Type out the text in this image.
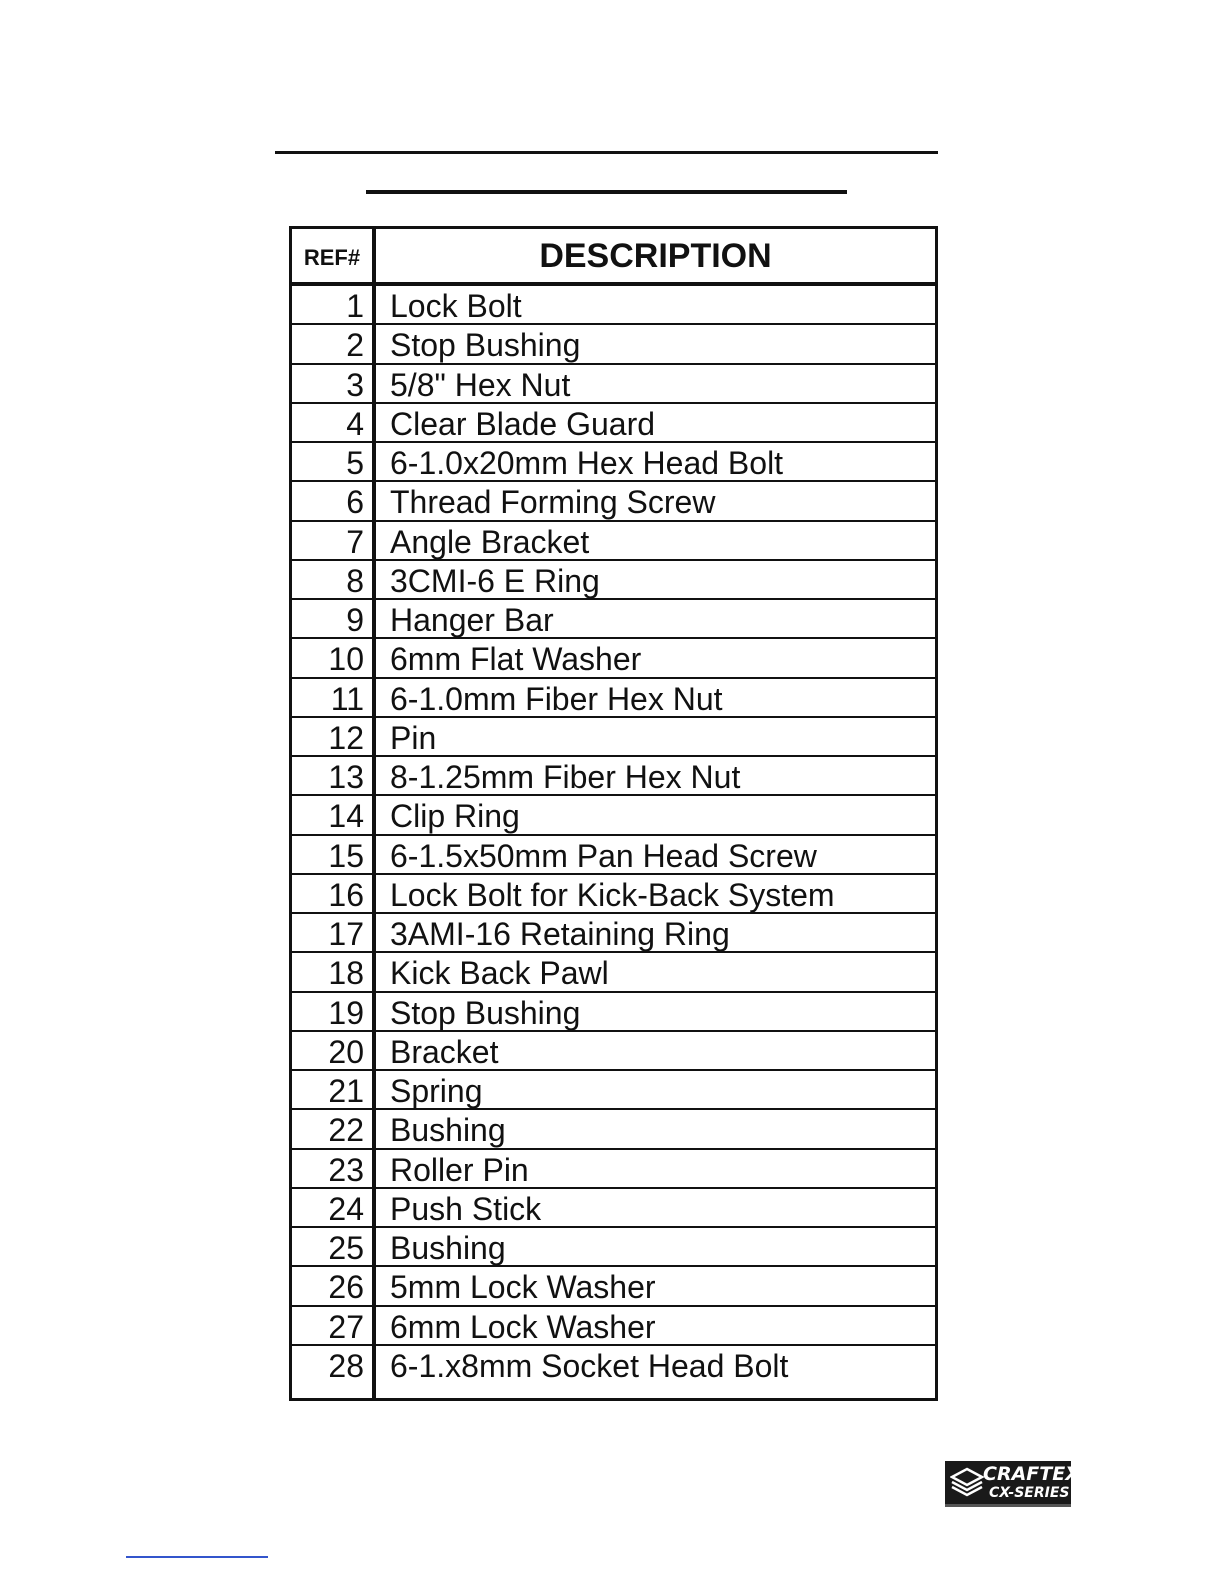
REF#	DESCRIPTION
1 Lock Bolt
2 Stop Bushing
3 5/8" Hex Nut
4 Clear Blade Guard
5 6-1.0x20mm Hex Head Bolt
6 Thread Forming Screw
7 Angle Bracket
8 3CMI-6 E Ring
9 Hanger Bar
10 6mm Flat Washer
11 6-1.0mm Fiber Hex Nut
12 Pin
13 8-1.25mm Fiber Hex Nut
14 Clip Ring
15 6-1.5x50mm Pan Head Screw
16 Lock Bolt for Kick-Back System
17 3AMI-16 Retaining Ring
18 Kick Back Pawl
19 Stop Bushing
20 Bracket
21 Spring
22 Bushing
23 Roller Pin
24 Push Stick
25 Bushing
26 5mm Lock Washer
27 6mm Lock Washer
28 6-1.x8mm Socket Head Bolt
CRAFTEX
CX-SERIES
